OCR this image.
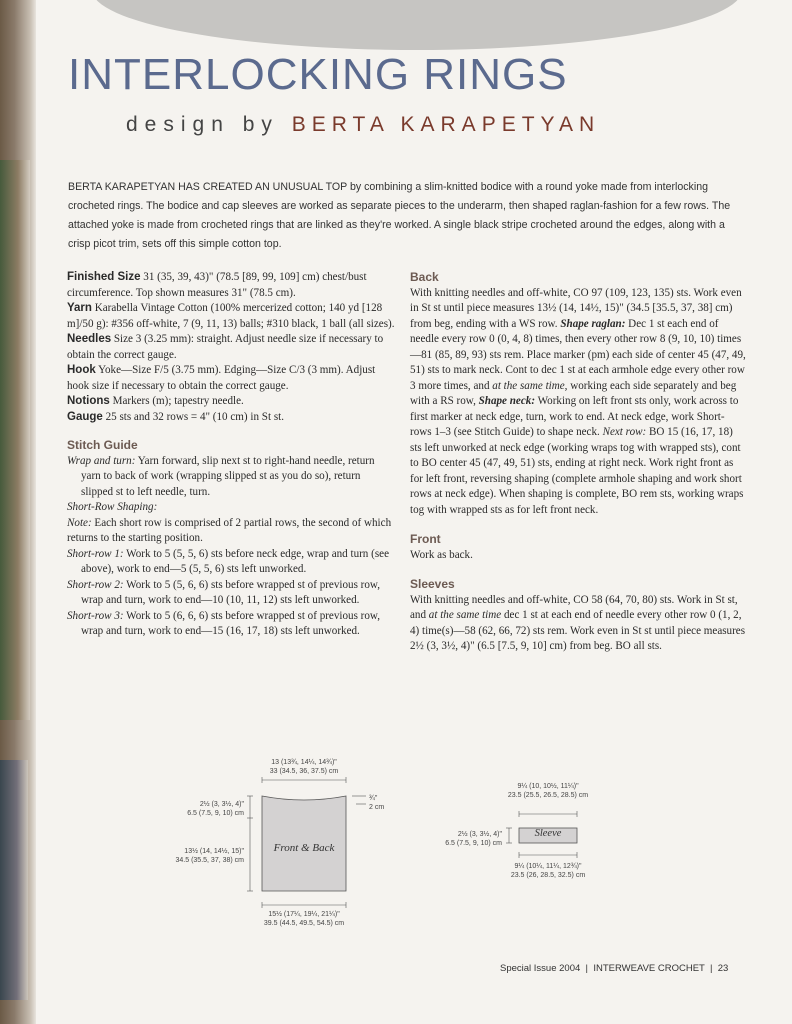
INTERLOCKING RINGS
design by BERTA KARAPETYAN

BERTA KARAPETYAN HAS CREATED AN UNUSUAL TOP by combining a slim-knitted bodice with a round yoke made from interlocking crocheted rings. The bodice and cap sleeves are worked as separate pieces to the underarm, then shaped raglan-fashion for a few rows. The attached yoke is made from crocheted rings that are linked as they're worked. A single black stripe crocheted around the edges, along with a crisp picot trim, sets off this simple cotton top.

Finished Size 31 (35, 39, 43)" (78.5 [89, 99, 109] cm) chest/bust circumference. Top shown measures 31" (78.5 cm).

Yarn Karabella Vintage Cotton (100% mercerized cotton; 140 yd [128 m]/50 g): #356 off-white, 7 (9, 11, 13) balls; #310 black, 1 ball (all sizes).

Needles Size 3 (3.25 mm): straight. Adjust needle size if necessary to obtain the correct gauge.

Hook Yoke—Size F/5 (3.75 mm). Edging—Size C/3 (3 mm). Adjust hook size if necessary to obtain the correct gauge.

Notions Markers (m); tapestry needle.

Gauge 25 sts and 32 rows = 4" (10 cm) in St st.

Stitch Guide

Wrap and turn: Yarn forward, slip next st to right-hand needle, return yarn to back of work (wrapping slipped st as you do so), return slipped st to left needle, turn.

Short-Row Shaping:

Note: Each short row is comprised of 2 partial rows, the second of which returns to the starting position.

Short-row 1: Work to 5 (5, 5, 6) sts before neck edge, wrap and turn (see above), work to end—5 (5, 5, 6) sts left unworked.

Short-row 2: Work to 5 (5, 6, 6) sts before wrapped st of previous row, wrap and turn, work to end—10 (10, 11, 12) sts left unworked.

Short-row 3: Work to 5 (6, 6, 6) sts before wrapped st of previous row, wrap and turn, work to end—15 (16, 17, 18) sts left unworked.

Back

With knitting needles and off-white, CO 97 (109, 123, 135) sts. Work even in St st until piece measures 13½ (14, 14½, 15)" (34.5 [35.5, 37, 38] cm) from beg, ending with a WS row. Shape raglan: Dec 1 st each end of needle every row 0 (0, 4, 8) times, then every other row 8 (9, 10, 10) times—81 (85, 89, 93) sts rem. Place marker (pm) each side of center 45 (47, 49, 51) sts to mark neck. Cont to dec 1 st at each armhole edge every other row 3 more times, and at the same time, working each side separately and beg with a RS row, Shape neck: Working on left front sts only, work across to first marker at neck edge, turn, work to end. At neck edge, work Short-rows 1–3 (see Stitch Guide) to shape neck. Next row: BO 15 (16, 17, 18) sts left unworked at neck edge (working wraps tog with wrapped sts), cont to BO center 45 (47, 49, 51) sts, ending at right neck. Work right front as for left front, reversing shaping (complete armhole shaping and work short rows at neck edge). When shaping is complete, BO rem sts, working wraps tog with wrapped sts as for left front neck.

Front

Work as back.

Sleeves

With knitting needles and off-white, CO 58 (64, 70, 80) sts. Work in St st, and at the same time dec 1 st at each end of needle every other row 0 (1, 2, 4) time(s)—58 (62, 66, 72) sts rem. Work even in St st until piece measures 2½ (3, 3½, 4)" (6.5 [7.5, 9, 10] cm) from beg. BO all sts.

Front & Back
13 (13¾, 14¼, 14¾)"
33 (34.5, 36, 37.5) cm
2½ (3, 3½, 4)"
6.5 (7.5, 9, 10) cm
13½ (14, 14½, 15)"
34.5 (35.5, 37, 38) cm
¾"
2 cm
15½ (17¼, 19¼, 21¼)"
39.5 (44.5, 49.5, 54.5) cm
Sleeve
9¼ (10, 10½, 11¼)"
23.5 (25.5, 26.5, 28.5) cm
2½ (3, 3½, 4)"
6.5 (7.5, 9, 10) cm
9¼ (10¼, 11¼, 12¾)"
23.5 (26, 28.5, 32.5) cm
Special Issue 2004  |  INTERWEAVE CROCHET  |  23
